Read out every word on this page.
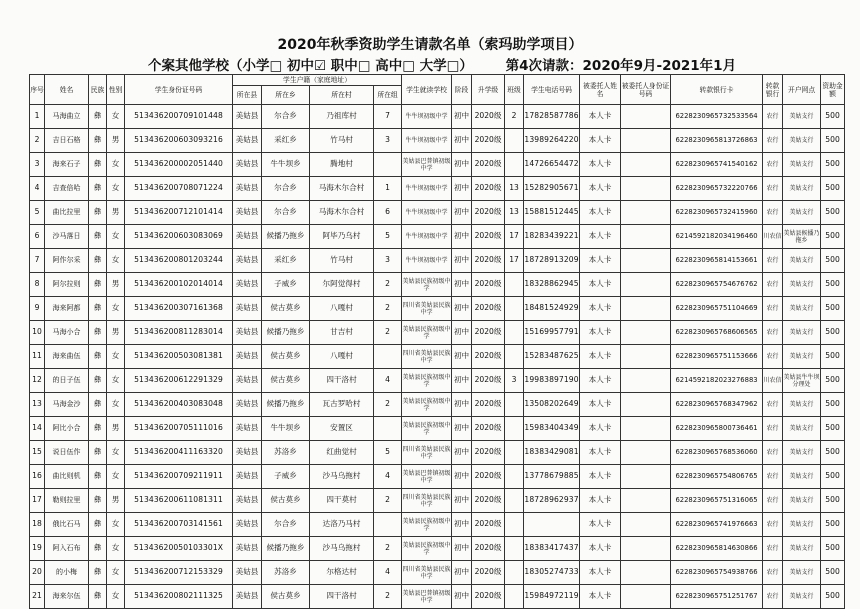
2020年秋季资助学生请款名单（索玛助学项目）
个案其他学校（小学□ 初中☑ 职中□ 高中□ 大学□） 第4次请款：2020年9月-2021年1月
序号	姓名	民族	性别	学生身份证号码	学生户籍（家庭地址）				学生就读学校	阶段	升学级	班级	学生电话号码	被委托人姓名	被委托人身份证号码	转款银行卡	转款银行	开户网点	资助金额
					所在县	所在乡	所在村	所在组											
1	马海曲立	彝	女	513436200709101448	美姑县	尔合乡	乃祖库村	7	牛牛坝初级中学	初中	2020级	2	17828587786	本人卡		6228230965732533564	农行	美姑支行	500
2	吉日石格	彝	男	513436200603093216	美姑县	采红乡	竹马村	3	牛牛坝初级中学	初中	2020级		13989264220	本人卡		6228230965813726863	农行	美姑支行	500
3	海来石子	彝	女	513436200002051440	美姑县	牛牛坝乡	腾地村		美姑县巴普镇初级中学	初中	2020级		14726654472	本人卡		6228230965741540162	农行	美姑支行	500
4	吉查倍哈	彝	女	513436200708071224	美姑县	尔合乡	马海木尔合村	1	牛牛坝初级中学	初中	2020级	13	15282905671	本人卡		6228230965732220766	农行	美姑支行	500
5	曲比拉里	彝	男	513436200712101414	美姑县	尔合乡	马海木尔合村	6	牛牛坝初级中学	初中	2020级	13	15881512445	本人卡		6228230965732415960	农行	美姑支行	500
6	沙马落日	彝	女	513436200603083069	美姑县	候播乃拖乡	阿毕乃乌村	5	牛牛坝初级中学	初中	2020级	17	18283439221	本人卡		6214592182034196460	川农信	美姑县候播乃拖乡	500
7	阿作尔采	彝	女	513436200801203244	美姑县	采红乡	竹马村	3	牛牛坝初级中学	初中	2020级	17	18728913209	本人卡		6228230965814153661	农行	美姑支行	500
8	阿尔拉则	彝	男	513436200102014014	美姑县	子威乡	尔阿觉得村	2	美姑县民族初级中学	初中	2020级		18328862945	本人卡		6228230965754676762	农行	美姑支行	500
9	海来阿都	彝	女	513436200307161368	美姑县	侯古莫乡	八嘎村	2	四川省美姑县民族中学	初中	2020级		18481524929	本人卡		6228230965751104669	农行	美姑支行	500
10	马海小合	彝	男	513436200811283014	美姑县	候播乃拖乡	甘吉村	2	美姑县民族初级中学	初中	2020级		15169957791	本人卡		6228230965768606565	农行	美姑支行	500
11	海来曲伍	彝	女	513436200503081381	美姑县	侯古莫乡	八嘎村		四川省美姑县民族中学	初中	2020级		15283487625	本人卡		6228230965751153666	农行	美姑支行	500
12	的日子伍	彝	女	513436200612291329	美姑县	侯古莫乡	四干洛村	4	美姑县民族初级中学	初中	2020级	3	19983897190	本人卡		6214592182023276883	川农信	美姑县牛牛坝分理处	500
13	马海金沙	彝	女	513436200403083048	美姑县	候播乃拖乡	瓦古罗哈村	2	美姑县民族初级中学	初中	2020级		13508202649	本人卡		6228230965768347962	农行	美姑支行	500
14	阿比小合	彝	男	513436200705111016	美姑县	牛牛坝乡	安置区		美姑县民族初级中学	初中	2020级		15983404349	本人卡		6228230965800736461	农行	美姑支行	500
15	说日伍作	彝	女	513436200411163320	美姑县	苏洛乡	红曲觉村	5	四川省美姑县民族中学	初中	2020级		18383429081	本人卡		6228230965768536060	农行	美姑支行	500
16	曲比则机	彝	女	513436200709211911	美姑县	子威乡	沙马乌拖村	4	美姑县巴普镇初级中学	初中	2020级		13778679885	本人卡		6228230965754806765	农行	美姑支行	500
17	勒则拉里	彝	男	513436200611081311	美姑县	侯古莫乡	四干莫村	2	四川省美姑县民族中学	初中	2020级		18728962937	本人卡		6228230965751316065	农行	美姑支行	500
18	俄比石马	彝	女	513436200703141561	美姑县	尔合乡	达洛乃马村		美姑县民族初级中学	初中	2020级			本人卡		6228230965741976663	农行	美姑支行	500
19	阿入石布	彝	女	51343620050103301X	美姑县	候播乃拖乡	沙马乌拖村	2	美姑县民族初级中学	初中	2020级		18383417437	本人卡		6228230965814630866	农行	美姑支行	500
20	的小梅	彝	女	513436200712153329	美姑县	苏洛乡	尔格达村	4	四川省美姑县民族中学	初中	2020级		18305274733	本人卡		6228230965754938766	农行	美姑支行	500
21	海来尔伍	彝	女	513436200802111325	美姑县	侯古莫乡	四干洛村	2	美姑县巴普镇初级中学	初中	2020级		15984972119	本人卡		6228230965751251767	农行	美姑支行	500
